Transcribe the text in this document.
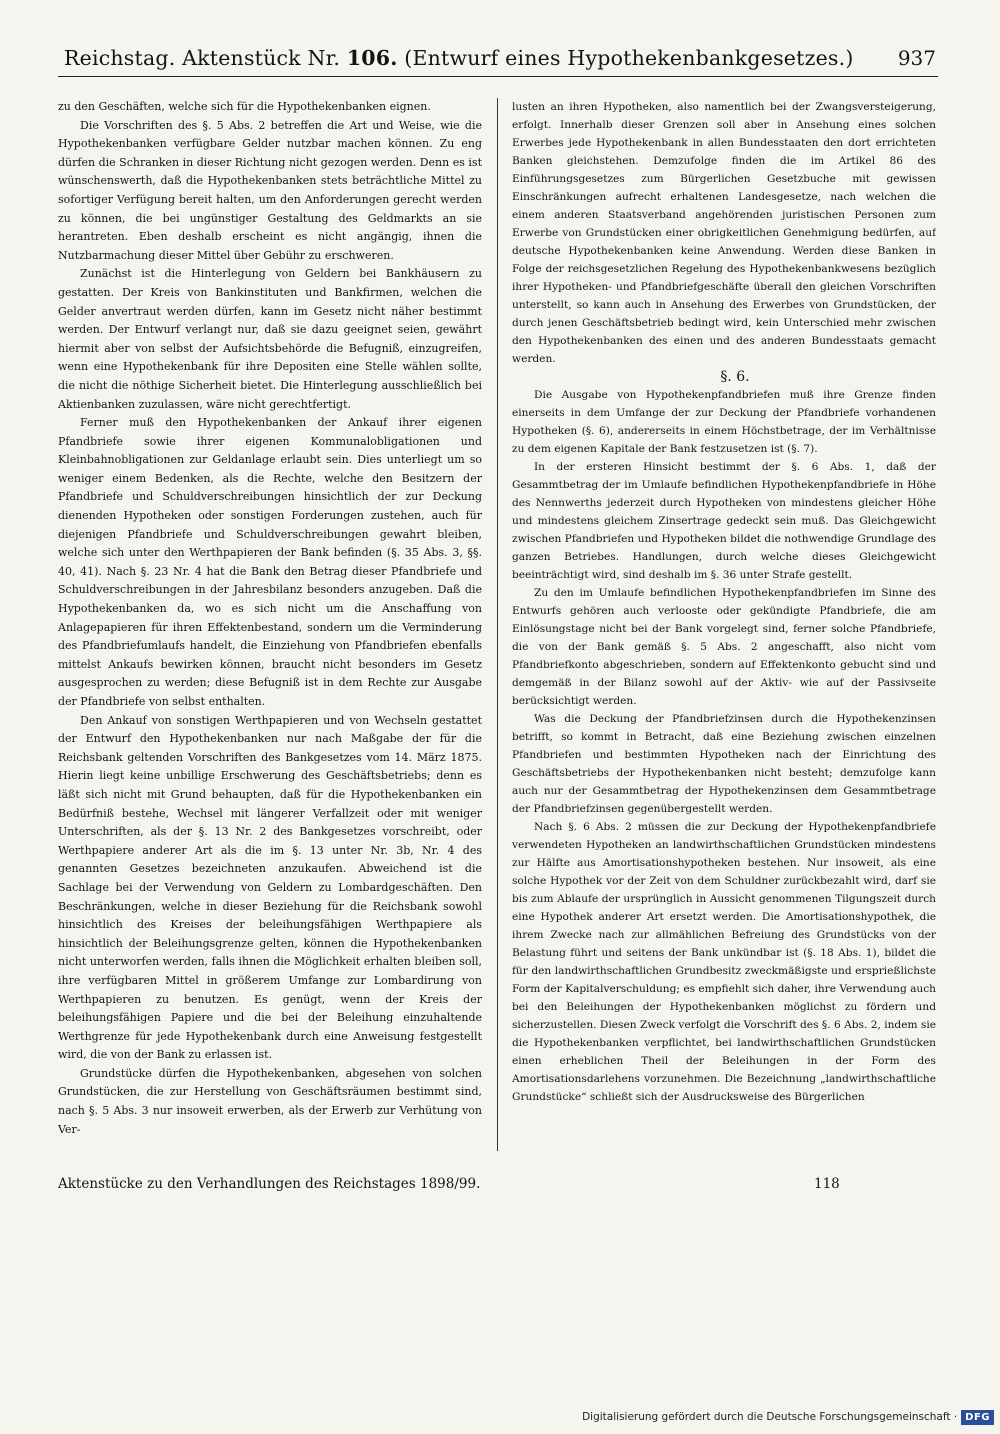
Reichstag. Aktenstück Nr. 106. (Entwurf eines Hypothekenbankgesetzes.) 937

zu den Geschäften, welche sich für die Hypothekenbanken eignen.

Die Vorschriften des §. 5 Abs. 2 betreffen die Art und Weise, wie die Hypothekenbanken verfügbare Gelder nutzbar machen können. Zu eng dürfen die Schranken in dieser Richtung nicht gezogen werden. Denn es ist wünschenswerth, daß die Hypothekenbanken stets beträchtliche Mittel zu sofortiger Verfügung bereit halten, um den Anforderungen gerecht werden zu können, die bei ungünstiger Gestaltung des Geldmarkts an sie herantreten. Eben deshalb erscheint es nicht angängig, ihnen die Nutzbarmachung dieser Mittel über Gebühr zu erschweren.

Zunächst ist die Hinterlegung von Geldern bei Bankhäusern zu gestatten. Der Kreis von Bankinstituten und Bankfirmen, welchen die Gelder anvertraut werden dürfen, kann im Gesetz nicht näher bestimmt werden. Der Entwurf verlangt nur, daß sie dazu geeignet seien, gewährt hiermit aber von selbst der Aufsichtsbehörde die Befugniß, einzugreifen, wenn eine Hypothekenbank für ihre Depositen eine Stelle wählen sollte, die nicht die nöthige Sicherheit bietet. Die Hinterlegung ausschließlich bei Aktienbanken zuzulassen, wäre nicht gerechtfertigt.

Ferner muß den Hypothekenbanken der Ankauf ihrer eigenen Pfandbriefe sowie ihrer eigenen Kommunalobligationen und Kleinbahnobligationen zur Geldanlage erlaubt sein. Dies unterliegt um so weniger einem Bedenken, als die Rechte, welche den Besitzern der Pfandbriefe und Schuldverschreibungen hinsichtlich der zur Deckung dienenden Hypotheken oder sonstigen Forderungen zustehen, auch für diejenigen Pfandbriefe und Schuldverschreibungen gewahrt bleiben, welche sich unter den Werthpapieren der Bank befinden (§. 35 Abs. 3, §§. 40, 41). Nach §. 23 Nr. 4 hat die Bank den Betrag dieser Pfandbriefe und Schuldverschreibungen in der Jahresbilanz besonders anzugeben. Daß die Hypothekenbanken da, wo es sich nicht um die Anschaffung von Anlagepapieren für ihren Effektenbestand, sondern um die Verminderung des Pfandbriefumlaufs handelt, die Einziehung von Pfandbriefen ebenfalls mittelst Ankaufs bewirken können, braucht nicht besonders im Gesetz ausgesprochen zu werden; diese Befugniß ist in dem Rechte zur Ausgabe der Pfandbriefe von selbst enthalten.

Den Ankauf von sonstigen Werthpapieren und von Wechseln gestattet der Entwurf den Hypothekenbanken nur nach Maßgabe der für die Reichsbank geltenden Vorschriften des Bankgesetzes vom 14. März 1875. Hierin liegt keine unbillige Erschwerung des Geschäftsbetriebs; denn es läßt sich nicht mit Grund behaupten, daß für die Hypothekenbanken ein Bedürfniß bestehe, Wechsel mit längerer Verfallzeit oder mit weniger Unterschriften, als der §. 13 Nr. 2 des Bankgesetzes vorschreibt, oder Werthpapiere anderer Art als die im §. 13 unter Nr. 3b, Nr. 4 des genannten Gesetzes bezeichneten anzukaufen. Abweichend ist die Sachlage bei der Verwendung von Geldern zu Lombardgeschäften. Den Beschränkungen, welche in dieser Beziehung für die Reichsbank sowohl hinsichtlich des Kreises der beleihungsfähigen Werthpapiere als hinsichtlich der Beleihungsgrenze gelten, können die Hypothekenbanken nicht unterworfen werden, falls ihnen die Möglichkeit erhalten bleiben soll, ihre verfügbaren Mittel in größerem Umfange zur Lombardirung von Werthpapieren zu benutzen. Es genügt, wenn der Kreis der beleihungsfähigen Papiere und die bei der Beleihung einzuhaltende Werthgrenze für jede Hypothekenbank durch eine Anweisung festgestellt wird, die von der Bank zu erlassen ist.

Grundstücke dürfen die Hypothekenbanken, abgesehen von solchen Grundstücken, die zur Herstellung von Geschäftsräumen bestimmt sind, nach §. 5 Abs. 3 nur insoweit erwerben, als der Erwerb zur Verhütung von Ver-

lusten an ihren Hypotheken, also namentlich bei der Zwangsversteigerung, erfolgt. Innerhalb dieser Grenzen soll aber in Ansehung eines solchen Erwerbes jede Hypothekenbank in allen Bundesstaaten den dort errichteten Banken gleichstehen. Demzufolge finden die im Artikel 86 des Einführungsgesetzes zum Bürgerlichen Gesetzbuche mit gewissen Einschränkungen aufrecht erhaltenen Landesgesetze, nach welchen die einem anderen Staatsverband angehörenden juristischen Personen zum Erwerbe von Grundstücken einer obrigkeitlichen Genehmigung bedürfen, auf deutsche Hypothekenbanken keine Anwendung. Werden diese Banken in Folge der reichsgesetzlichen Regelung des Hypothekenbankwesens bezüglich ihrer Hypotheken- und Pfandbriefgeschäfte überall den gleichen Vorschriften unterstellt, so kann auch in Ansehung des Erwerbes von Grundstücken, der durch jenen Geschäftsbetrieb bedingt wird, kein Unterschied mehr zwischen den Hypothekenbanken des einen und des anderen Bundesstaats gemacht werden.

§. 6.

Die Ausgabe von Hypothekenpfandbriefen muß ihre Grenze finden einerseits in dem Umfange der zur Deckung der Pfandbriefe vorhandenen Hypotheken (§. 6), andererseits in einem Höchstbetrage, der im Verhältnisse zu dem eigenen Kapitale der Bank festzusetzen ist (§. 7).

In der ersteren Hinsicht bestimmt der §. 6 Abs. 1, daß der Gesammtbetrag der im Umlaufe befindlichen Hypothekenpfandbriefe in Höhe des Nennwerths jederzeit durch Hypotheken von mindestens gleicher Höhe und mindestens gleichem Zinsertrage gedeckt sein muß. Das Gleichgewicht zwischen Pfandbriefen und Hypotheken bildet die nothwendige Grundlage des ganzen Betriebes. Handlungen, durch welche dieses Gleichgewicht beeinträchtigt wird, sind deshalb im §. 36 unter Strafe gestellt.

Zu den im Umlaufe befindlichen Hypothekenpfandbriefen im Sinne des Entwurfs gehören auch verlooste oder gekündigte Pfandbriefe, die am Einlösungstage nicht bei der Bank vorgelegt sind, ferner solche Pfandbriefe, die von der Bank gemäß §. 5 Abs. 2 angeschafft, also nicht vom Pfandbriefkonto abgeschrieben, sondern auf Effektenkonto gebucht sind und demgemäß in der Bilanz sowohl auf der Aktiv- wie auf der Passivseite berücksichtigt werden.

Was die Deckung der Pfandbriefzinsen durch die Hypothekenzinsen betrifft, so kommt in Betracht, daß eine Beziehung zwischen einzelnen Pfandbriefen und bestimmten Hypotheken nach der Einrichtung des Geschäftsbetriebs der Hypothekenbanken nicht besteht; demzufolge kann auch nur der Gesammtbetrag der Hypothekenzinsen dem Gesammtbetrage der Pfandbriefzinsen gegenübergestellt werden.

Nach §. 6 Abs. 2 müssen die zur Deckung der Hypothekenpfandbriefe verwendeten Hypotheken an landwirthschaftlichen Grundstücken mindestens zur Hälfte aus Amortisationshypotheken bestehen. Nur insoweit, als eine solche Hypothek vor der Zeit von dem Schuldner zurückbezahlt wird, darf sie bis zum Ablaufe der ursprünglich in Aussicht genommenen Tilgungszeit durch eine Hypothek anderer Art ersetzt werden. Die Amortisationshypothek, die ihrem Zwecke nach zur allmählichen Befreiung des Grundstücks von der Belastung führt und seitens der Bank unkündbar ist (§. 18 Abs. 1), bildet die für den landwirthschaftlichen Grundbesitz zweckmäßigste und ersprießlichste Form der Kapitalverschuldung; es empfiehlt sich daher, ihre Verwendung auch bei den Beleihungen der Hypothekenbanken möglichst zu fördern und sicherzustellen. Diesen Zweck verfolgt die Vorschrift des §. 6 Abs. 2, indem sie die Hypothekenbanken verpflichtet, bei landwirthschaftlichen Grundstücken einen erheblichen Theil der Beleihungen in der Form des Amortisationsdarlehens vorzunehmen. Die Bezeichnung „landwirthschaftliche Grundstücke“ schließt sich der Ausdrucksweise des Bürgerlichen

Aktenstücke zu den Verhandlungen des Reichstages 1898/99.	118
Digitalisierung gefördert durch die Deutsche Forschungsgemeinschaft · DFG
